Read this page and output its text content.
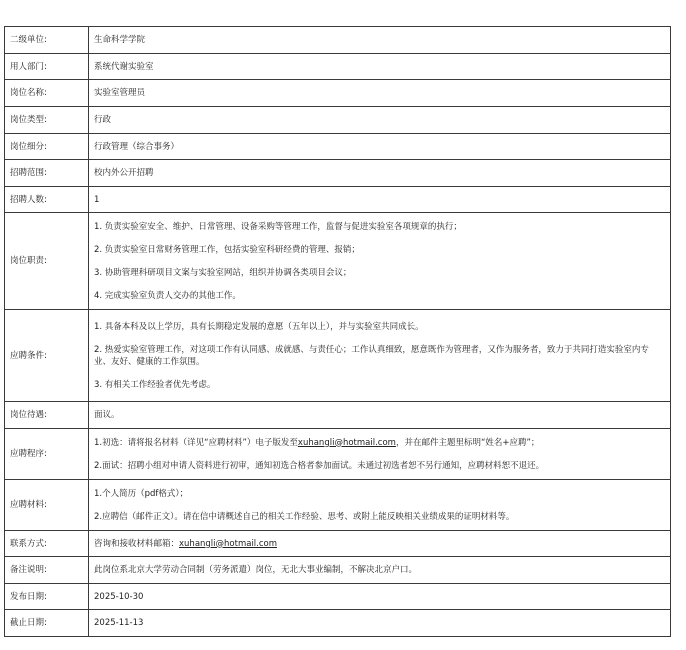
二级单位:	生命科学学院
用人部门:	系统代谢实验室
岗位名称:	实验室管理员
岗位类型:	行政
岗位细分:	行政管理（综合事务）
招聘范围:	校内外公开招聘
招聘人数:	1
岗位职责:	1. 负责实验室安全、维护、日常管理、设备采购等管理工作，监督与促进实验室各项规章的执行；

2. 负责实验室日常财务管理工作，包括实验室科研经费的管理、报销；

3. 协助管理科研项目文案与实验室网站，组织并协调各类项目会议；

4. 完成实验室负责人交办的其他工作。

应聘条件:	1. 具备本科及以上学历，具有长期稳定发展的意愿（五年以上），并与实验室共同成长。

2. 热爱实验室管理工作，对这项工作有认同感、成就感、与责任心；工作认真细致，愿意既作为管理者，又作为服务者，致力于共同打造实验室内专业、友好、健康的工作氛围。

3. 有相关工作经验者优先考虑。

岗位待遇:	面议。
应聘程序:	1.初选：请将报名材料（详见“应聘材料”）电子版发至xuhangli@hotmail.com，并在邮件主题里标明“姓名+应聘”；

2.面试：招聘小组对申请人资料进行初审，通知初选合格者参加面试。未通过初选者恕不另行通知，应聘材料恕不退还。

应聘材料:	1.个人简历（pdf格式）；

2.应聘信（邮件正文）。请在信中请概述自己的相关工作经验、思考、或附上能反映相关业绩成果的证明材料等。

联系方式:	咨询和接收材料邮箱：xuhangli@hotmail.com
备注说明:	此岗位系北京大学劳动合同制（劳务派遣）岗位，无北大事业编制，不解决北京户口。
发布日期:	2025-10-30
截止日期:	2025-11-13
